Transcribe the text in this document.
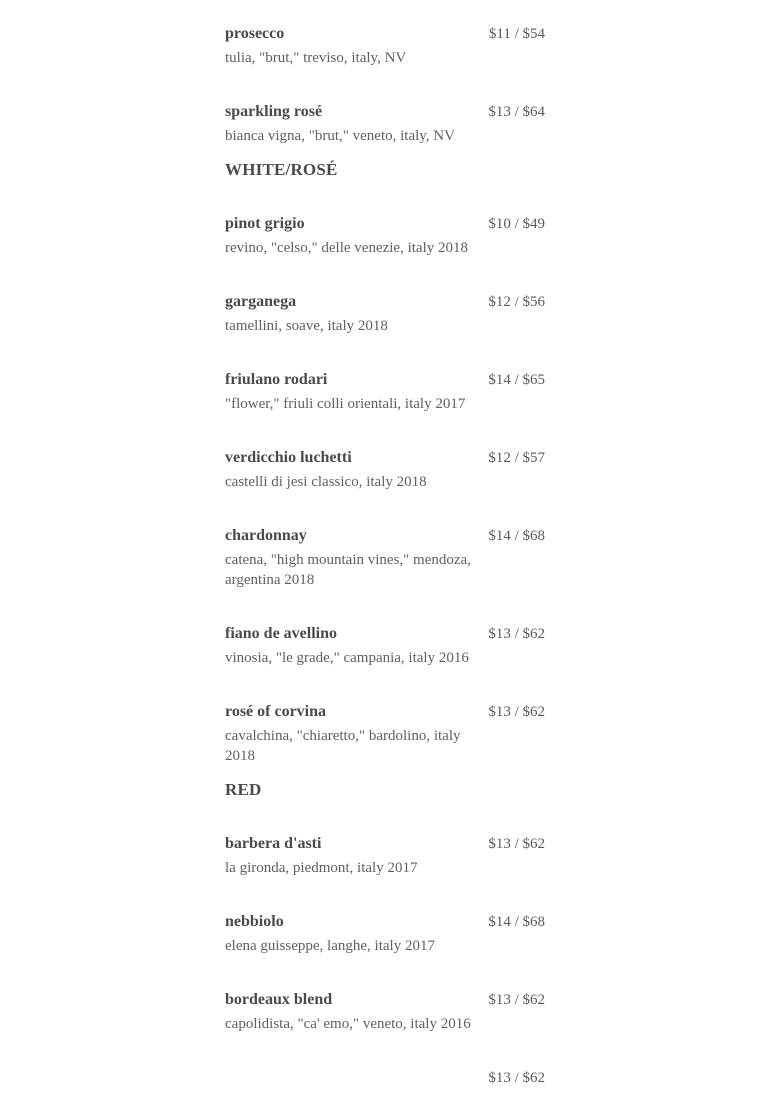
prosecco	$11 / $54
tulia, "brut," treviso, italy, NV
sparkling rosé	$13 / $64
bianca vigna, "brut," veneto, italy, NV
WHITE/ROSÉ
pinot grigio	$10 / $49
revino, "celso," delle venezie, italy 2018
garganega	$12 / $56
tamellini, soave, italy 2018
friulano rodari	$14 / $65
"flower," friuli colli orientali, italy 2017
verdicchio luchetti	$12 / $57
castelli di jesi classico, italy 2018
chardonnay	$14 / $68
catena, "high mountain vines," mendoza, argentina 2018
fiano de avellino	$13 / $62
vinosia, "le grade," campania, italy 2016
rosé of corvina	$13 / $62
cavalchina, "chiaretto," bardolino, italy 2018
RED
barbera d'asti	$13 / $62
la gironda, piedmont, italy 2017
nebbiolo	$14 / $68
elena guisseppe, langhe, italy 2017
bordeaux blend	$13 / $62
capolidista, "ca' emo," veneto, italy 2016
$13 / $62
